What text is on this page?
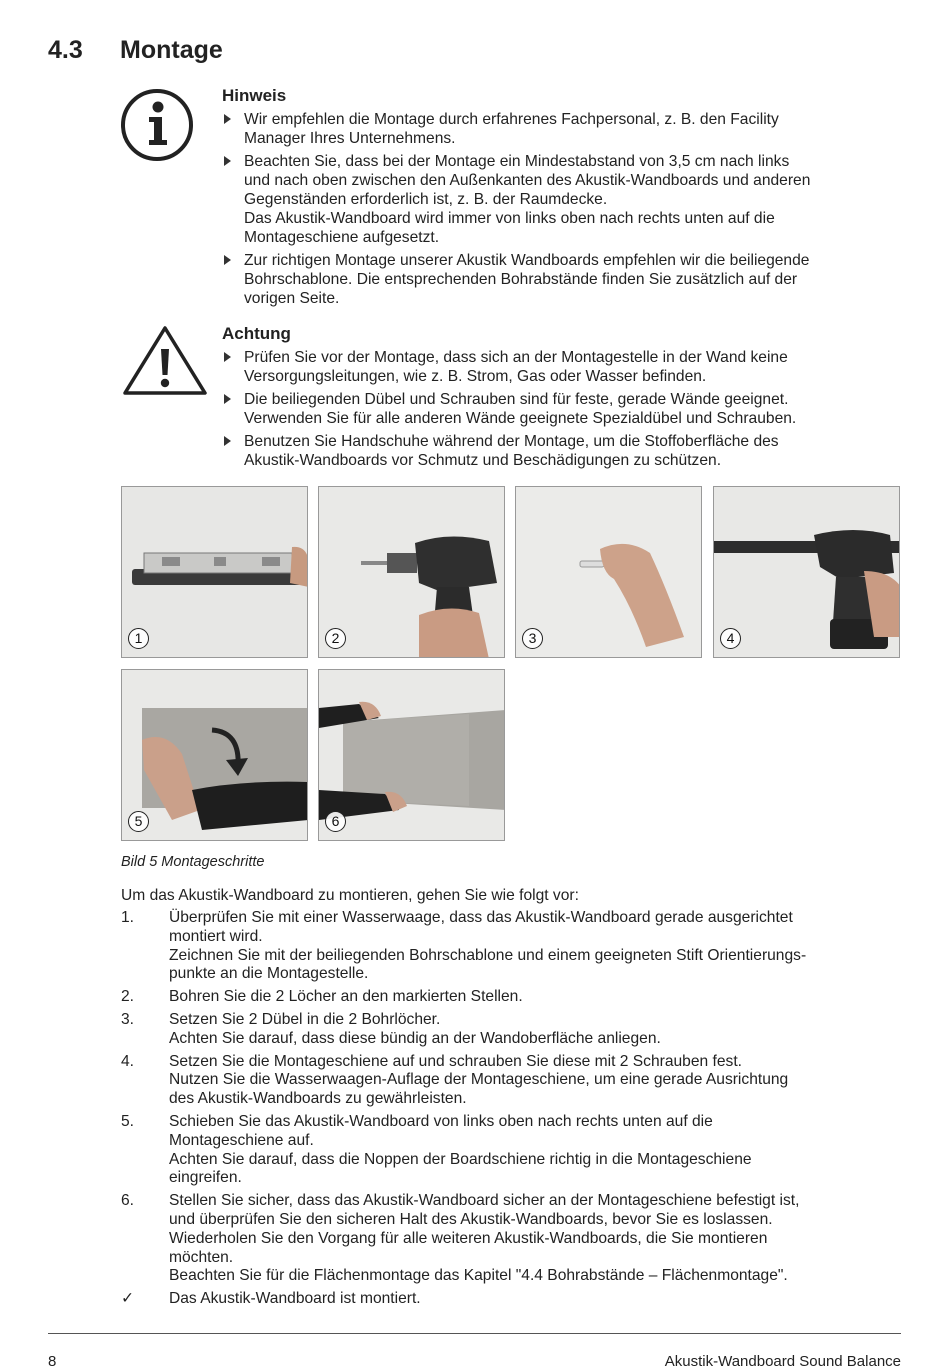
4.3 Montage
Hinweis
Wir empfehlen die Montage durch erfahrenes Fachpersonal, z. B. den Facility
Manager Ihres Unternehmens.
Beachten Sie, dass bei der Montage ein Mindestabstand von 3,5 cm nach links
und nach oben zwischen den Außenkanten des Akustik-Wandboards und anderen
Gegenständen erforderlich ist, z. B. der Raumdecke.
Das Akustik-Wandboard wird immer von links oben nach rechts unten auf die
Montageschiene aufgesetzt.
Zur richtigen Montage unserer Akustik Wandboards empfehlen wir die beiliegende
Bohrschablone. Die entsprechenden Bohrabstände finden Sie zusätzlich auf der
vorigen Seite.
Achtung
Prüfen Sie vor der Montage, dass sich an der Montagestelle in der Wand keine
Versorgungsleitungen, wie z. B. Strom, Gas oder Wasser befinden.
Die beiliegenden Dübel und Schrauben sind für feste, gerade Wände geeignet.
Verwenden Sie für alle anderen Wände geeignete Spezialdübel und Schrauben.
Benutzen Sie Handschuhe während der Montage, um die Stoffoberfläche des
Akustik-Wandboards vor Schmutz und Beschädigungen zu schützen.
1	2	3	4
5	6
Bild 5 Montageschritte
Um das Akustik-Wandboard zu montieren, gehen Sie wie folgt vor:
1. Überprüfen Sie mit einer Wasserwaage, dass das Akustik-Wandboard gerade ausgerichtet
montiert wird.
Zeichnen Sie mit der beiliegenden Bohrschablone und einem geeigneten Stift Orientierungs-
punkte an die Montagestelle.
2. Bohren Sie die 2 Löcher an den markierten Stellen.
3. Setzen Sie 2 Dübel in die 2 Bohrlöcher.
Achten Sie darauf, dass diese bündig an der Wandoberfläche anliegen.
4. Setzen Sie die Montageschiene auf und schrauben Sie diese mit 2 Schrauben fest.
Nutzen Sie die Wasserwaagen-Auflage der Montageschiene, um eine gerade Ausrichtung
des Akustik-Wandboards zu gewährleisten.
5. Schieben Sie das Akustik-Wandboard von links oben nach rechts unten auf die
Montageschiene auf.
Achten Sie darauf, dass die Noppen der Boardschiene richtig in die Montageschiene
eingreifen.
6. Stellen Sie sicher, dass das Akustik-Wandboard sicher an der Montageschiene befestigt ist,
und überprüfen Sie den sicheren Halt des Akustik-Wandboards, bevor Sie es loslassen.
Wiederholen Sie den Vorgang für alle weiteren Akustik-Wandboards, die Sie montieren
möchten.
Beachten Sie für die Flächenmontage das Kapitel "4.4 Bohrabstände – Flächenmontage".
✓ Das Akustik-Wandboard ist montiert.
8	Akustik-Wandboard Sound Balance
